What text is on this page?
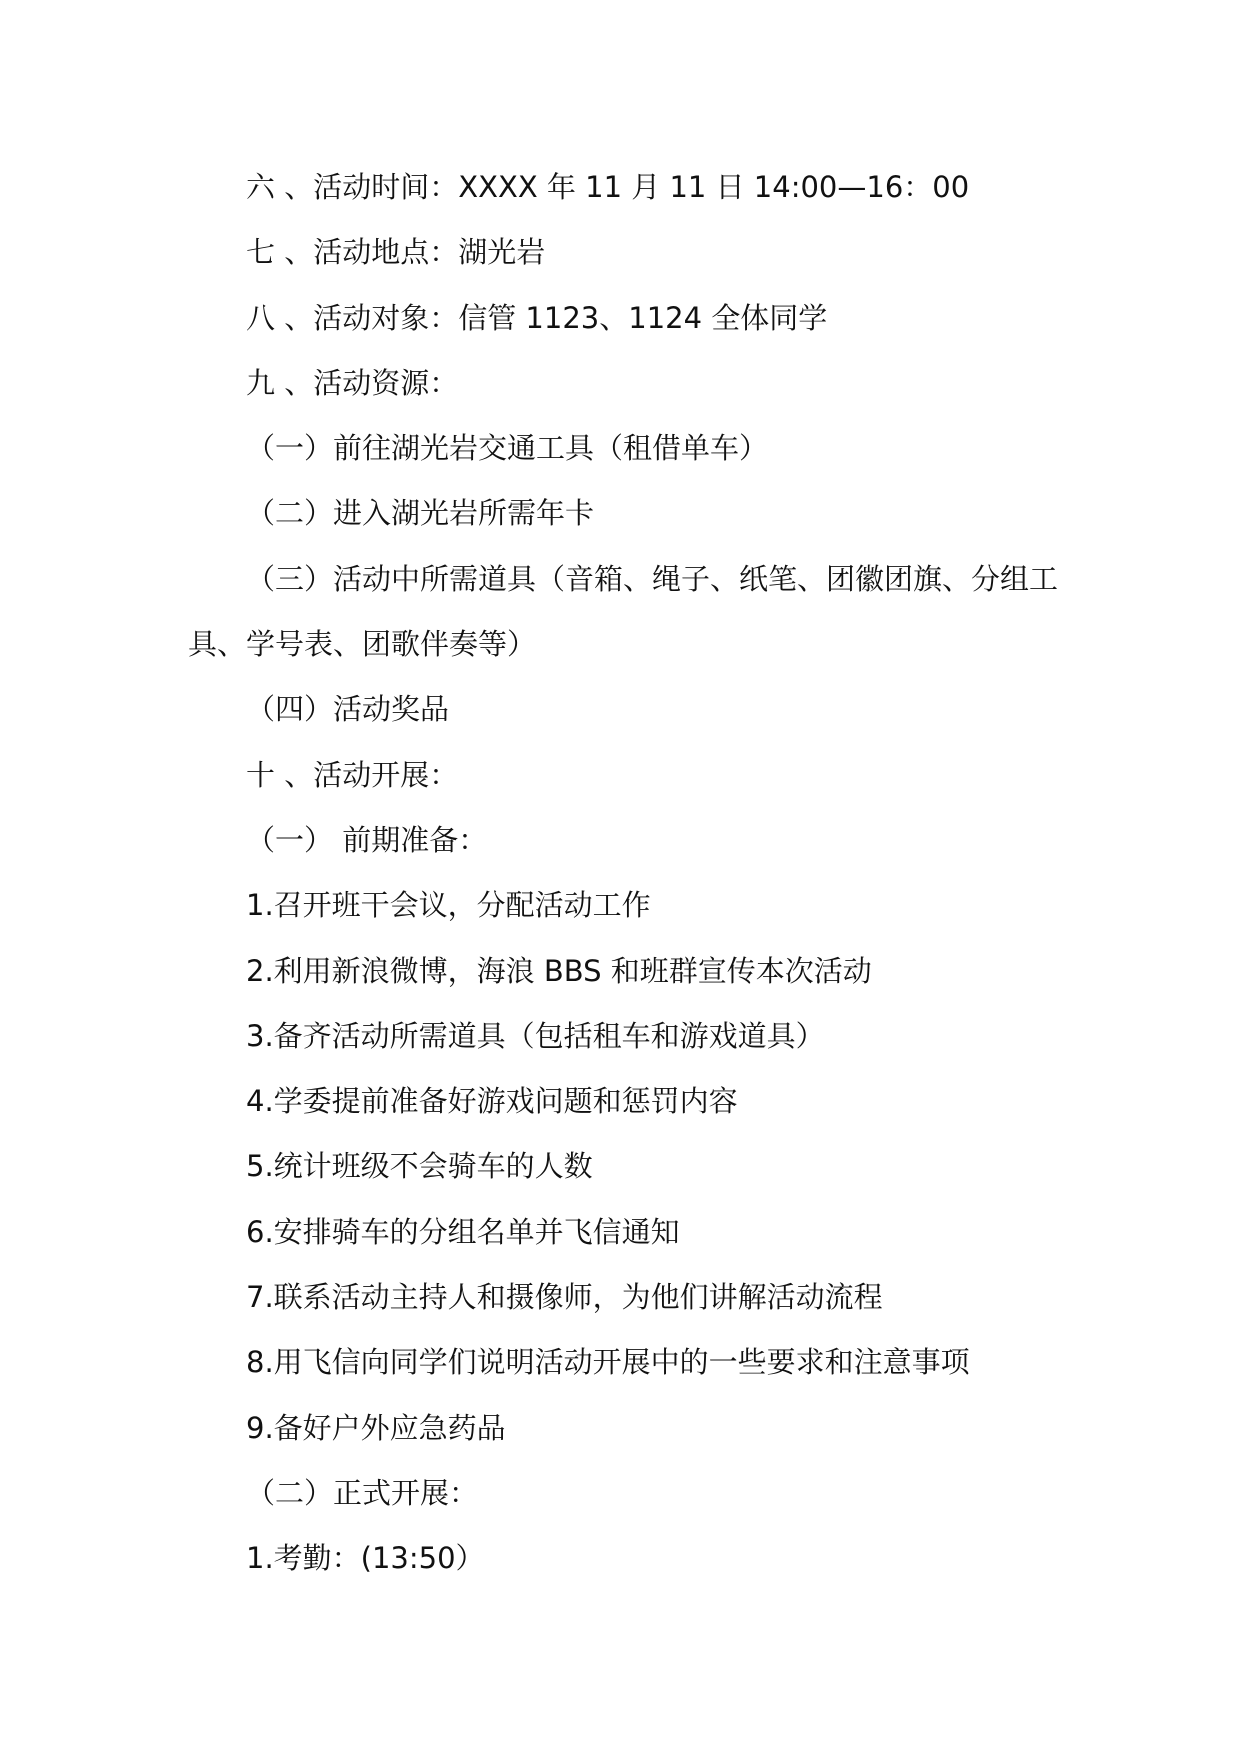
六 、活动时间：XXXX 年 11 月 11 日 14:00—16：00
七 、活动地点：湖光岩
八 、活动对象：信管 1123、1124 全体同学
九 、活动资源：
（一）前往湖光岩交通工具（租借单车）
（二）进入湖光岩所需年卡
（三）活动中所需道具（音箱、绳子、纸笔、团徽团旗、分组工
具、学号表、团歌伴奏等）
（四）活动奖品
十 、活动开展：
（一） 前期准备：
1.召开班干会议，分配活动工作
2.利用新浪微博，海浪 BBS 和班群宣传本次活动
3.备齐活动所需道具（包括租车和游戏道具）
4.学委提前准备好游戏问题和惩罚内容
5.统计班级不会骑车的人数
6.安排骑车的分组名单并飞信通知
7.联系活动主持人和摄像师，为他们讲解活动流程
8.用飞信向同学们说明活动开展中的一些要求和注意事项
9.备好户外应急药品
（二）正式开展：
1.考勤：(13:50）
